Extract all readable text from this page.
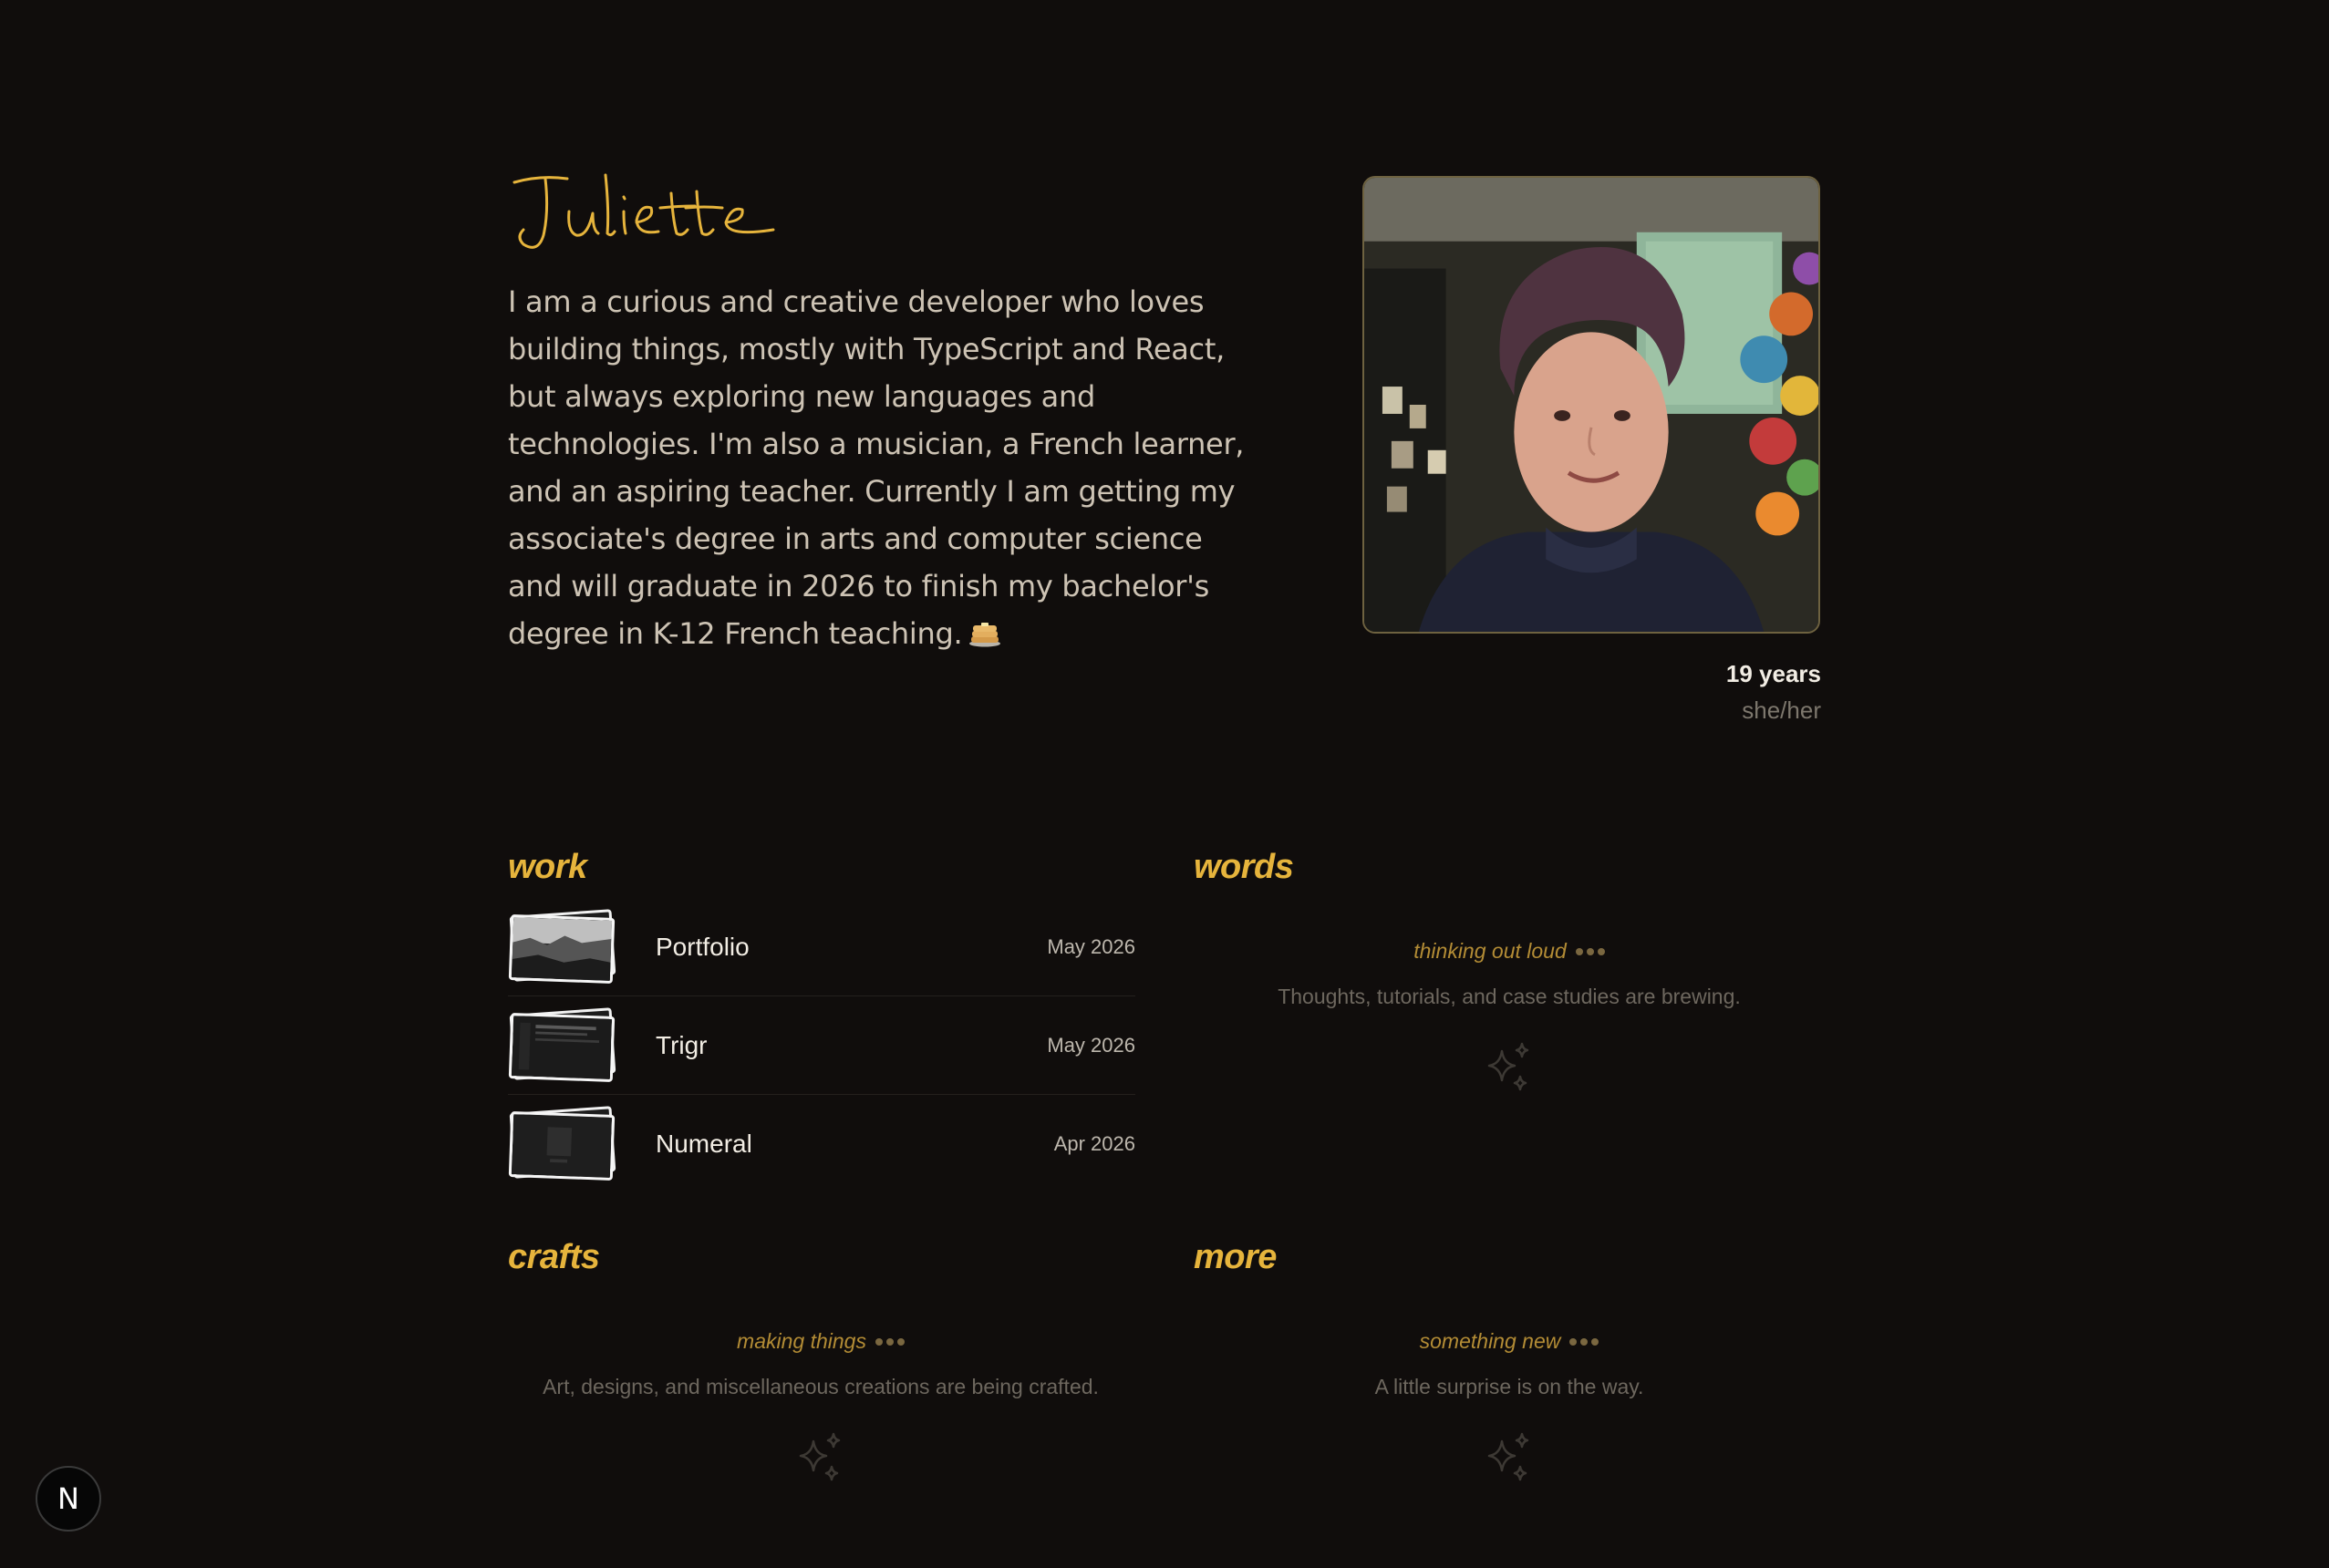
I am a curious and creative developer who loves building things, mostly with TypeScript and React, but always exploring new languages and technologies. I'm also a musician, a French learner, and an aspiring teacher. Currently I am getting my associate's degree in arts and computer science and will graduate in 2026 to finish my bachelor's degree in K-12 French teaching.

19 years
she/her
work	words
crafts	more
Portfolio	May 2026
Trigr	May 2026
Numeral	Apr 2026
thinking out loud

Thoughts, tutorials, and case studies are brewing.

making things

Art, designs, and miscellaneous creations are being crafted.

something new

A little surprise is on the way.

N
